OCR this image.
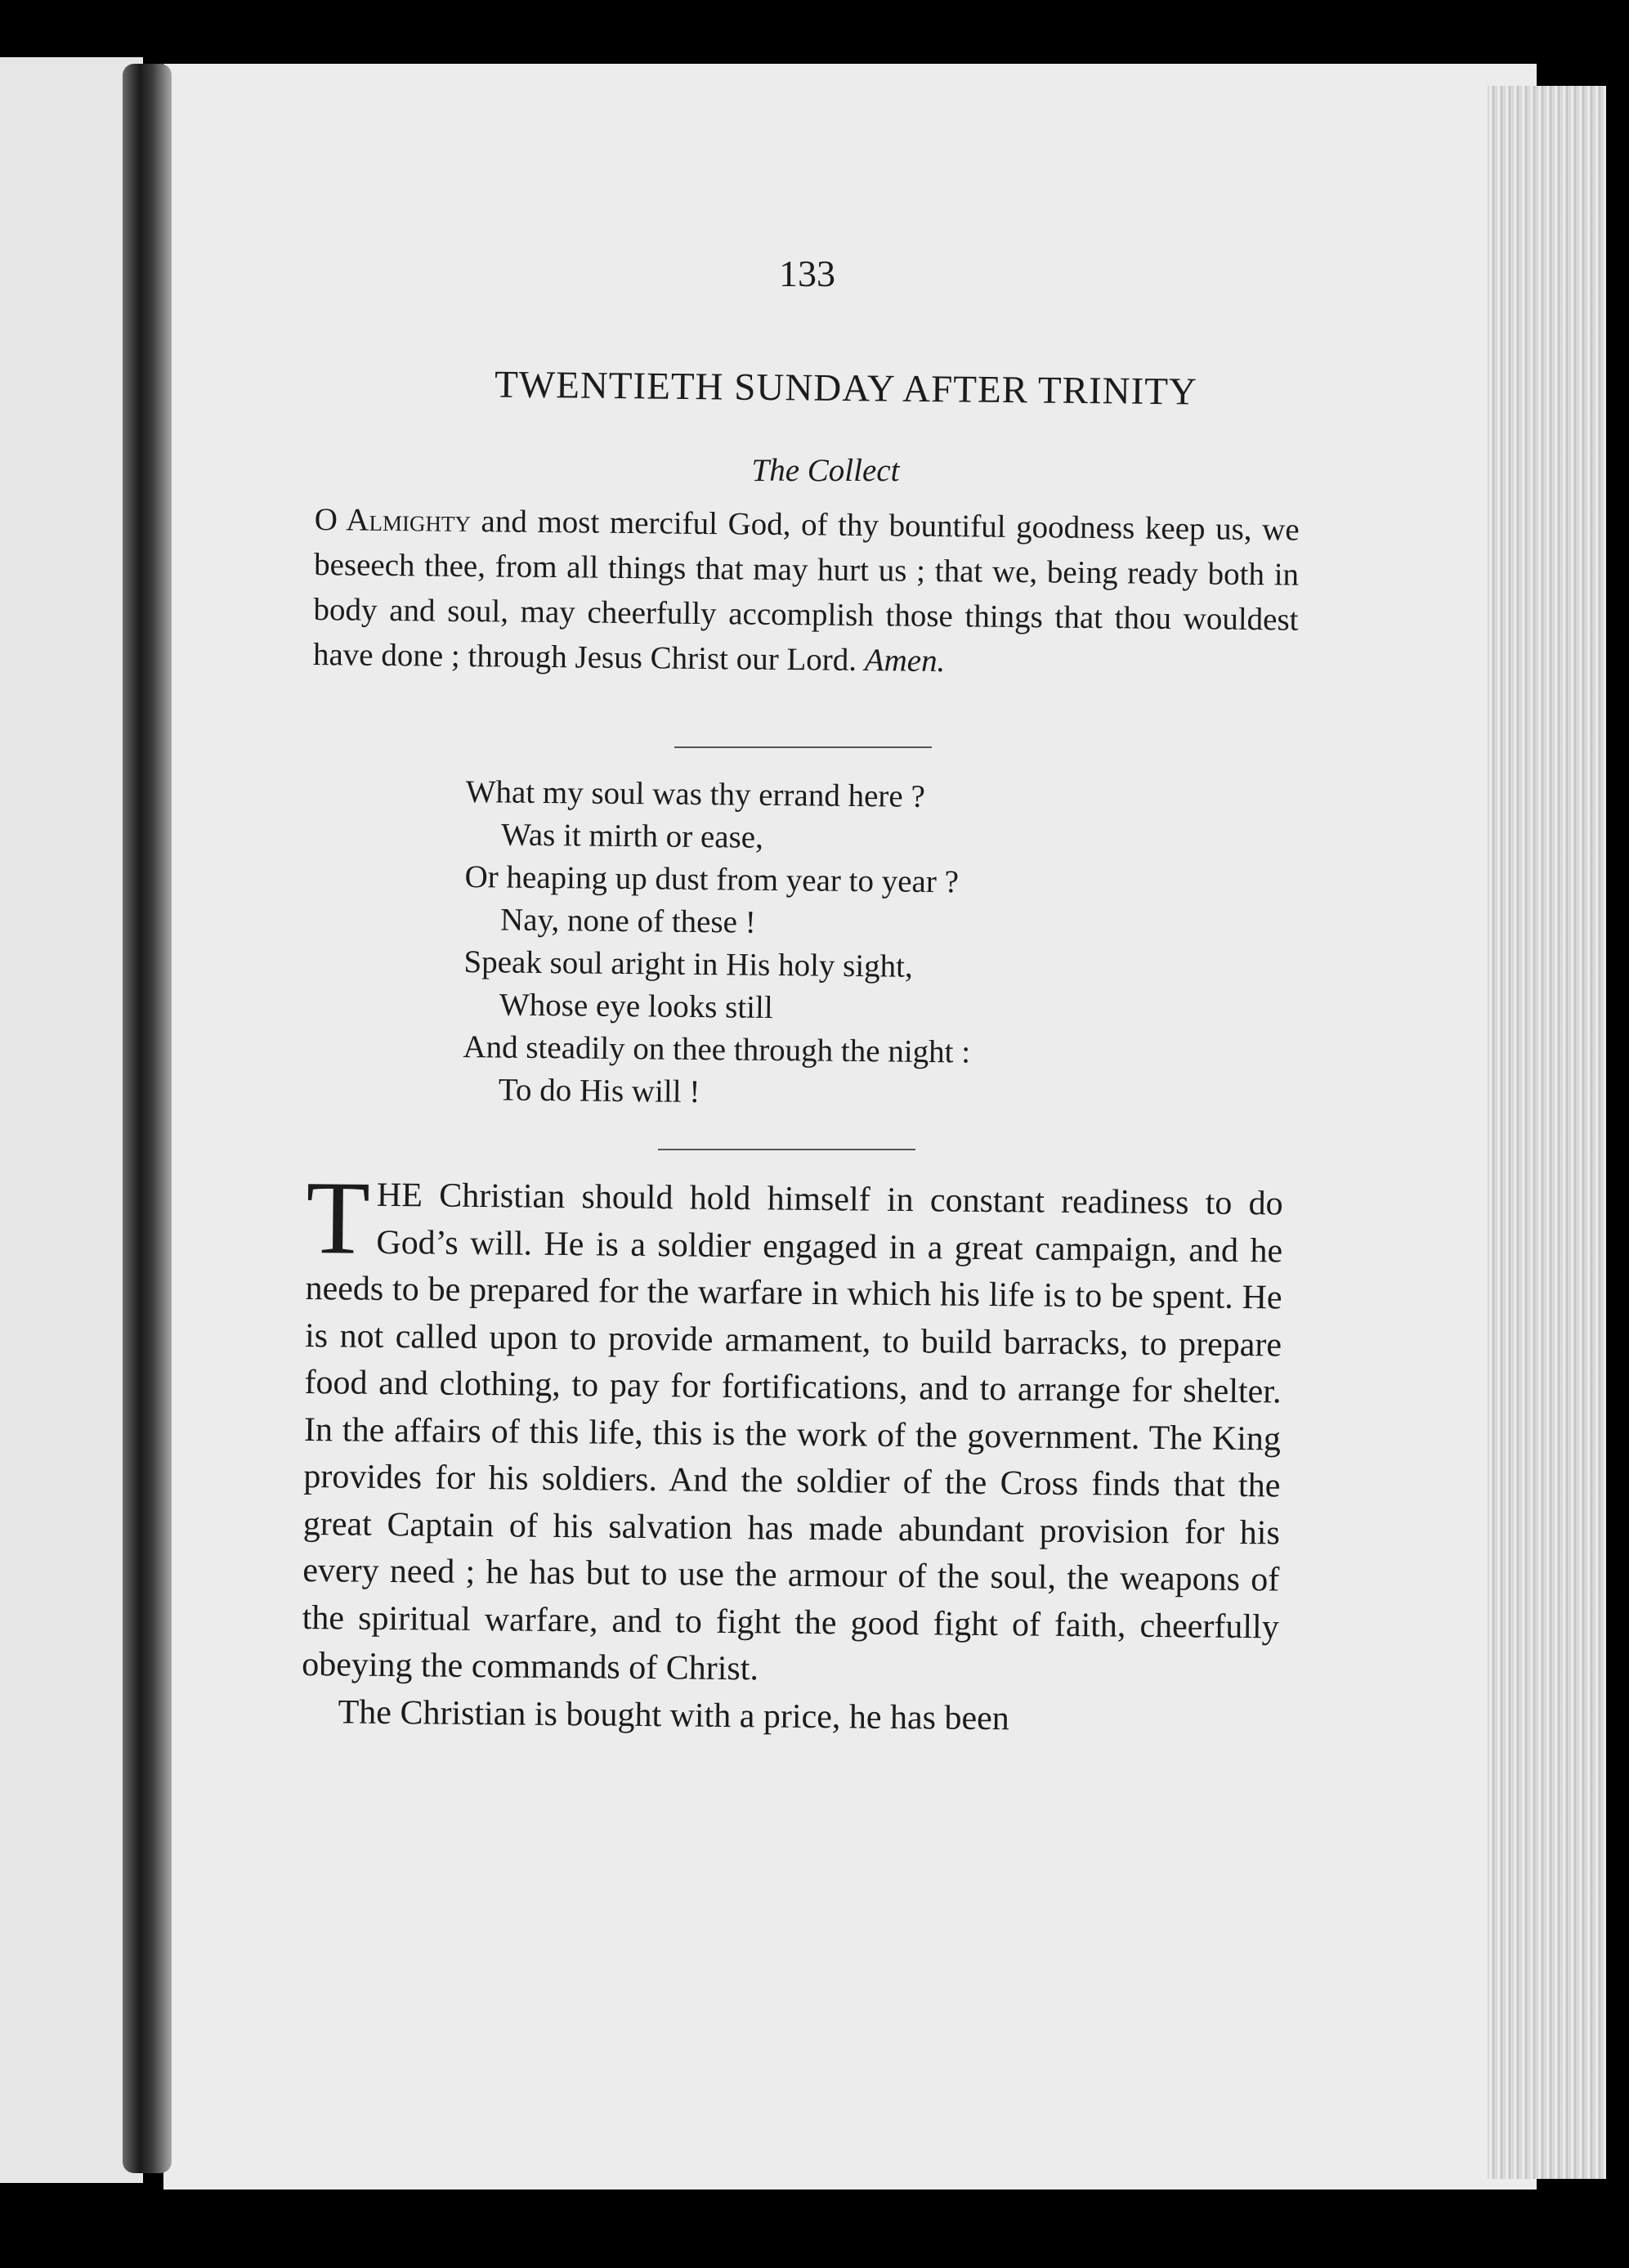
133
TWENTIETH SUNDAY AFTER TRINITY
The Collect
O Almighty and most merciful God, of thy bountiful goodness keep us, we beseech thee, from all things that may hurt us ; that we, being ready both in body and soul, may cheerfully accomplish those things that thou wouldest have done ; through Jesus Christ our Lord. Amen.
What my soul was thy errand here ?
Was it mirth or ease,
Or heaping up dust from year to year ?
Nay, none of these !
Speak soul aright in His holy sight,
Whose eye looks still
And steadily on thee through the night :
To do His will !

THE Christian should hold himself in constant readiness to do God’s will. He is a soldier engaged in a great campaign, and he needs to be prepared for the warfare in which his life is to be spent. He is not called upon to provide armament, to build barracks, to prepare food and clothing, to pay for fortifications, and to arrange for shelter. In the affairs of this life, this is the work of the government. The King provides for his soldiers. And the soldier of the Cross finds that the great Captain of his salvation has made abundant provision for his every need ; he has but to use the armour of the soul, the weapons of the spiritual warfare, and to fight the good fight of faith, cheerfully obeying the commands of Christ.

The Christian is bought with a price, he has been
